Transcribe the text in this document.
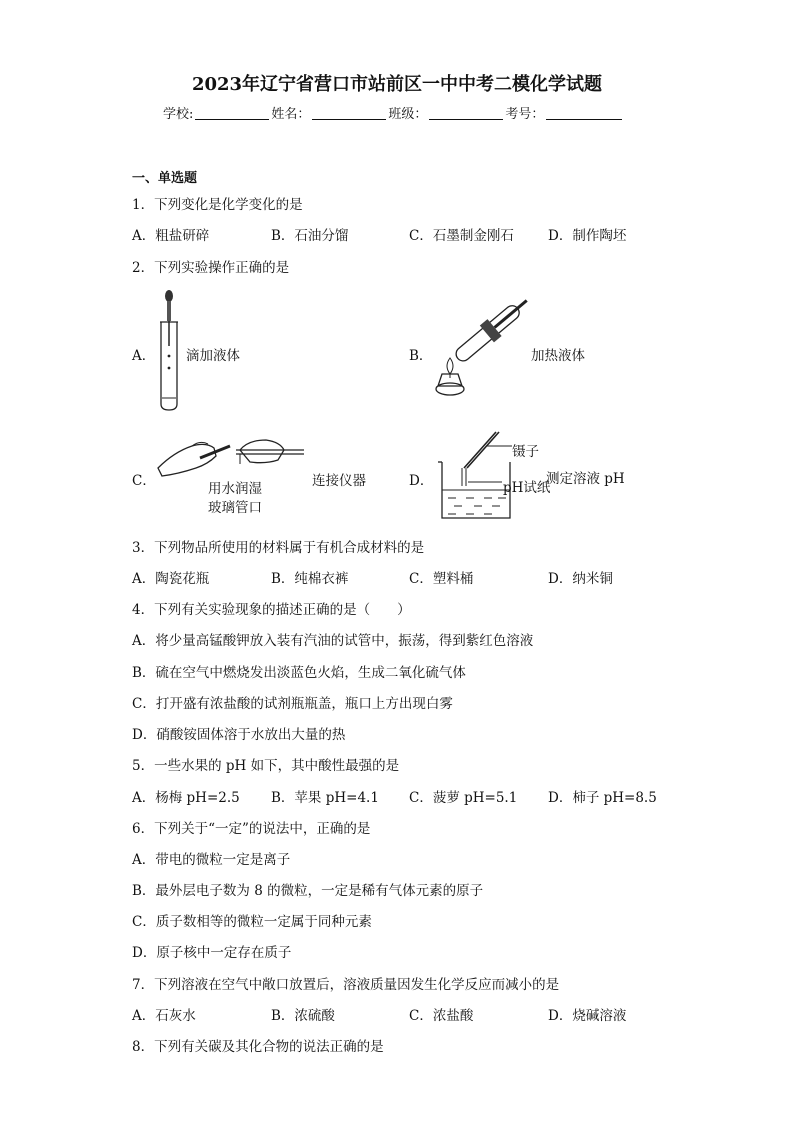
2023年辽宁省营口市站前区一中中考二模化学试题
学校:	姓名：	班级：	考号：
一、单选题
1．下列变化是化学变化的是
A．粗盐研碎	B．石油分馏	C．石墨制金刚石	D．制作陶坯
2．下列实验操作正确的是
A． 滴加液体	B．	加热液体
C．	用水润湿
玻璃管口
连接仪器	D．
镊子
pH试纸
测定溶液 pH
3．下列物品所使用的材料属于有机合成材料的是
A．陶瓷花瓶	B．纯棉衣裤	C．塑料桶	D．纳米铜
4．下列有关实验现象的描述正确的是（　　）
A．将少量高锰酸钾放入装有汽油的试管中，振荡，得到紫红色溶液
B．硫在空气中燃烧发出淡蓝色火焰，生成二氧化硫气体
C．打开盛有浓盐酸的试剂瓶瓶盖，瓶口上方出现白雾
D．硝酸铵固体溶于水放出大量的热
5．一些水果的 pH 如下，其中酸性最强的是
A．杨梅 pH=2.5 B．苹果 pH=4.1 C．菠萝 pH=5.1 D．柿子 pH=8.5
6．下列关于“一定”的说法中，正确的是
A．带电的微粒一定是离子
B．最外层电子数为 8 的微粒，一定是稀有气体元素的原子
C．质子数相等的微粒一定属于同种元素
D．原子核中一定存在质子
7．下列溶液在空气中敞口放置后，溶液质量因发生化学反应而减小的是
A．石灰水	B．浓硫酸	C．浓盐酸	D．烧碱溶液
8．下列有关碳及其化合物的说法正确的是
